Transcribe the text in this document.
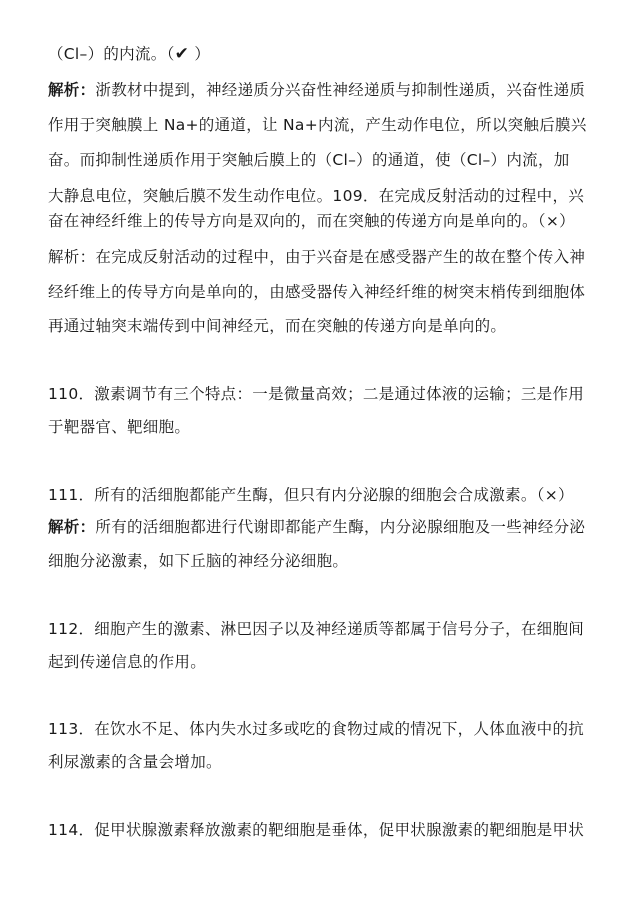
（Cl–）的内流。（✔ ）
解析：浙教材中提到，神经递质分兴奋性神经递质与抑制性递质，兴奋性递质
作用于突触膜上 Na+的通道，让 Na+内流，产生动作电位，所以突触后膜兴
奋。而抑制性递质作用于突触后膜上的（Cl–）的通道，使（Cl–）内流，加
大静息电位，突触后膜不发生动作电位。109．在完成反射活动的过程中，兴
奋在神经纤维上的传导方向是双向的，而在突触的传递方向是单向的。（×）
解析：在完成反射活动的过程中，由于兴奋是在感受器产生的故在整个传入神
经纤维上的传导方向是单向的，由感受器传入神经纤维的树突末梢传到细胞体
再通过轴突末端传到中间神经元，而在突触的传递方向是单向的。
110．激素调节有三个特点：一是微量高效；二是通过体液的运输；三是作用
于靶器官、靶细胞。
111．所有的活细胞都能产生酶，但只有内分泌腺的细胞会合成激素。（×）
解析：所有的活细胞都进行代谢即都能产生酶，内分泌腺细胞及一些神经分泌
细胞分泌激素，如下丘脑的神经分泌细胞。
112．细胞产生的激素、淋巴因子以及神经递质等都属于信号分子，在细胞间
起到传递信息的作用。
113．在饮水不足、体内失水过多或吃的食物过咸的情况下，人体血液中的抗
利尿激素的含量会增加。
114．促甲状腺激素释放激素的靶细胞是垂体，促甲状腺激素的靶细胞是甲状
